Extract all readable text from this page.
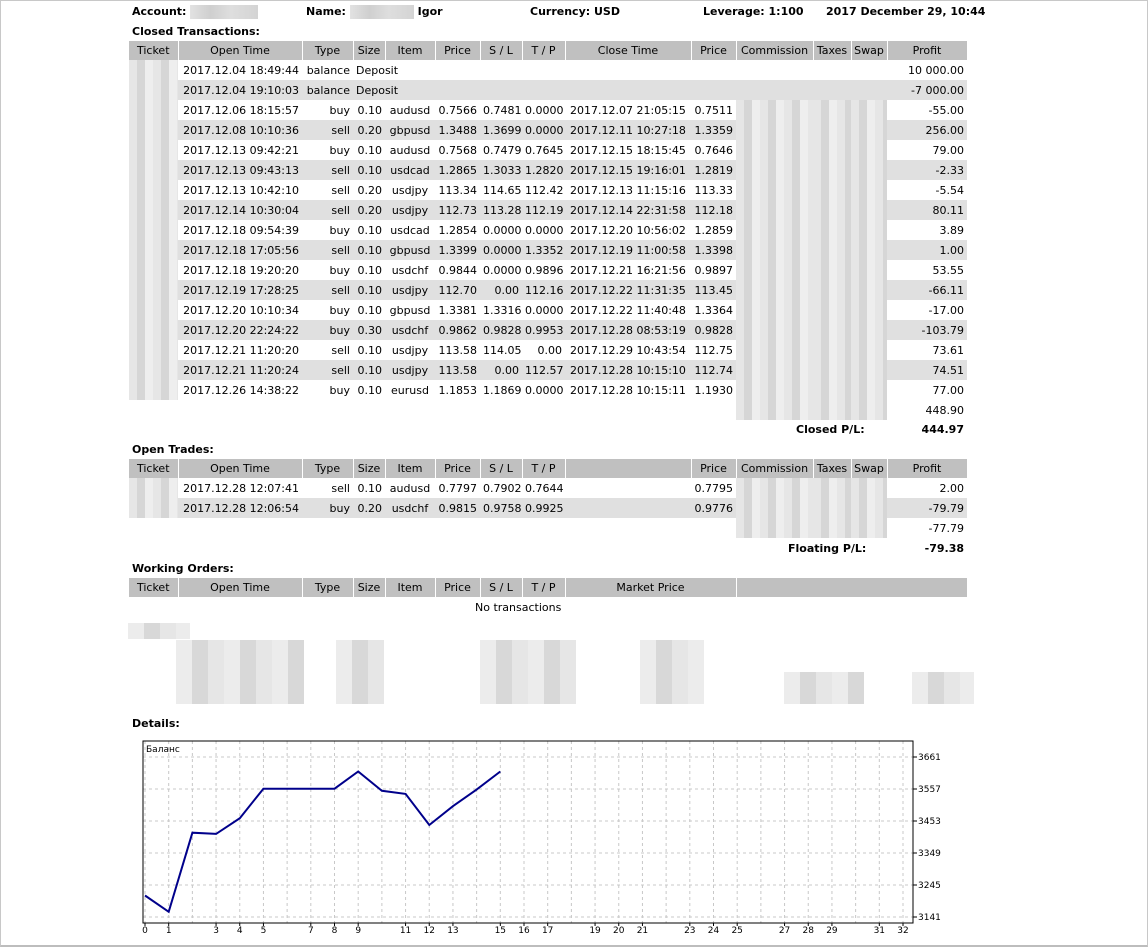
Account:	Name:	Igor	Currency: USD	Leverage: 1:100 2017 December 29, 10:44
Closed Transactions:
Ticket	Open Time	Type	Size	Item	Price	S / L	T / P	Close Time	Price	Commission	Taxes	Swap	Profit
	2017.12.04 18:49:44	balance	Deposit										10 000.00
	2017.12.04 19:10:03	balance	Deposit										-7 000.00
	2017.12.06 18:15:57	buy	0.10	audusd	0.7566	0.7481	0.0000	2017.12.07 21:05:15	0.7511				-55.00
	2017.12.08 10:10:36	sell	0.20	gbpusd	1.3488	1.3699	0.0000	2017.12.11 10:27:18	1.3359				256.00
	2017.12.13 09:42:21	buy	0.10	audusd	0.7568	0.7479	0.7645	2017.12.15 18:15:45	0.7646				79.00
	2017.12.13 09:43:13	sell	0.10	usdcad	1.2865	1.3033	1.2820	2017.12.15 19:16:01	1.2819				-2.33
	2017.12.13 10:42:10	sell	0.20	usdjpy	113.34	114.65	112.42	2017.12.13 11:15:16	113.33				-5.54
	2017.12.14 10:30:04	sell	0.20	usdjpy	112.73	113.28	112.19	2017.12.14 22:31:58	112.18				80.11
	2017.12.18 09:54:39	buy	0.10	usdcad	1.2854	0.0000	0.0000	2017.12.20 10:56:02	1.2859				3.89
	2017.12.18 17:05:56	sell	0.10	gbpusd	1.3399	0.0000	1.3352	2017.12.19 11:00:58	1.3398				1.00
	2017.12.18 19:20:20	buy	0.10	usdchf	0.9844	0.0000	0.9896	2017.12.21 16:21:56	0.9897				53.55
	2017.12.19 17:28:25	sell	0.10	usdjpy	112.70	0.00	112.16	2017.12.22 11:31:35	113.45				-66.11
	2017.12.20 10:10:34	buy	0.10	gbpusd	1.3381	1.3316	0.0000	2017.12.22 11:40:48	1.3364				-17.00
	2017.12.20 22:24:22	buy	0.30	usdchf	0.9862	0.9828	0.9953	2017.12.28 08:53:19	0.9828				-103.79
	2017.12.21 11:20:20	sell	0.10	usdjpy	113.58	114.05	0.00	2017.12.29 10:43:54	112.75				73.61
	2017.12.21 11:20:24	sell	0.10	usdjpy	113.58	0.00	112.57	2017.12.28 10:15:10	112.74				74.51
	2017.12.26 14:38:22	buy	0.10	eurusd	1.1853	1.1869	0.0000	2017.12.28 10:15:11	1.1930				77.00
													448.90
Closed P/L:	444.97
Open Trades:
Ticket	Open Time	Type	Size	Item	Price	S / L	T / P		Price	Commission	Taxes	Swap	Profit
	2017.12.28 12:07:41	sell	0.10	audusd	0.7797	0.7902	0.7644		0.7795				2.00
	2017.12.28 12:06:54	buy	0.20	usdchf	0.9815	0.9758	0.9925		0.9776				-79.79
													-77.79
Floating P/L:	-79.38
Working Orders:
Ticket	Open Time	Type	Size	Item	Price	S / L	T / P	Market Price	
No transactions
Details:
Баланс
3661
3557
3453
3349
3245
3141
0 1	3 4 5	7 8 9	11 12 13	15 16 17	19 20 21	23 24 25	27 28 29	31 32
